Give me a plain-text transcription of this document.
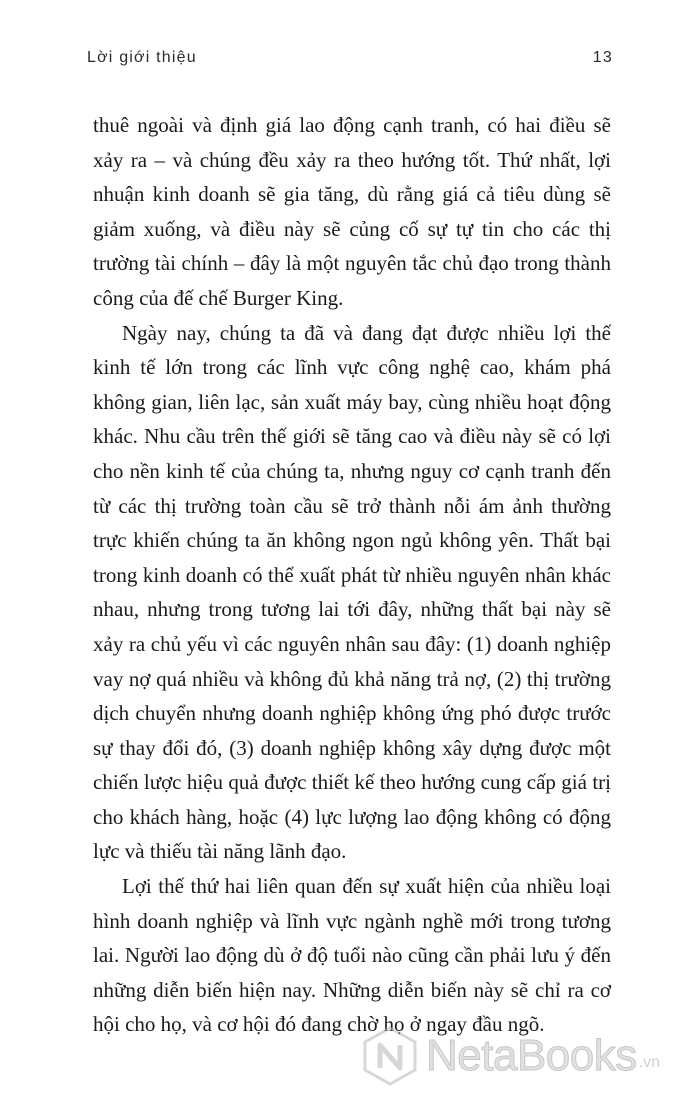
Lời giới thiệu	13

thuê ngoài và định giá lao động cạnh tranh, có hai điều sẽ xảy ra – và chúng đều xảy ra theo hướng tốt. Thứ nhất, lợi nhuận kinh doanh sẽ gia tăng, dù rằng giá cả tiêu dùng sẽ giảm xuống, và điều này sẽ củng cố sự tự tin cho các thị trường tài chính – đây là một nguyên tắc chủ đạo trong thành công của đế chế Burger King.

Ngày nay, chúng ta đã và đang đạt được nhiều lợi thế kinh tế lớn trong các lĩnh vực công nghệ cao, khám phá không gian, liên lạc, sản xuất máy bay, cùng nhiều hoạt động khác. Nhu cầu trên thế giới sẽ tăng cao và điều này sẽ có lợi cho nền kinh tế của chúng ta, nhưng nguy cơ cạnh tranh đến từ các thị trường toàn cầu sẽ trở thành nỗi ám ảnh thường trực khiến chúng ta ăn không ngon ngủ không yên. Thất bại trong kinh doanh có thể xuất phát từ nhiều nguyên nhân khác nhau, nhưng trong tương lai tới đây, những thất bại này sẽ xảy ra chủ yếu vì các nguyên nhân sau đây: (1) doanh nghiệp vay nợ quá nhiều và không đủ khả năng trả nợ, (2) thị trường dịch chuyển nhưng doanh nghiệp không ứng phó được trước sự thay đổi đó, (3) doanh nghiệp không xây dựng được một chiến lược hiệu quả được thiết kế theo hướng cung cấp giá trị cho khách hàng, hoặc (4) lực lượng lao động không có động lực và thiếu tài năng lãnh đạo.

Lợi thế thứ hai liên quan đến sự xuất hiện của nhiều loại hình doanh nghiệp và lĩnh vực ngành nghề mới trong tương lai. Người lao động dù ở độ tuổi nào cũng cần phải lưu ý đến những diễn biến hiện nay. Những diễn biến này sẽ chỉ ra cơ hội cho họ, và cơ hội đó đang chờ họ ở ngay đầu ngõ.

NetaBooks .vn
